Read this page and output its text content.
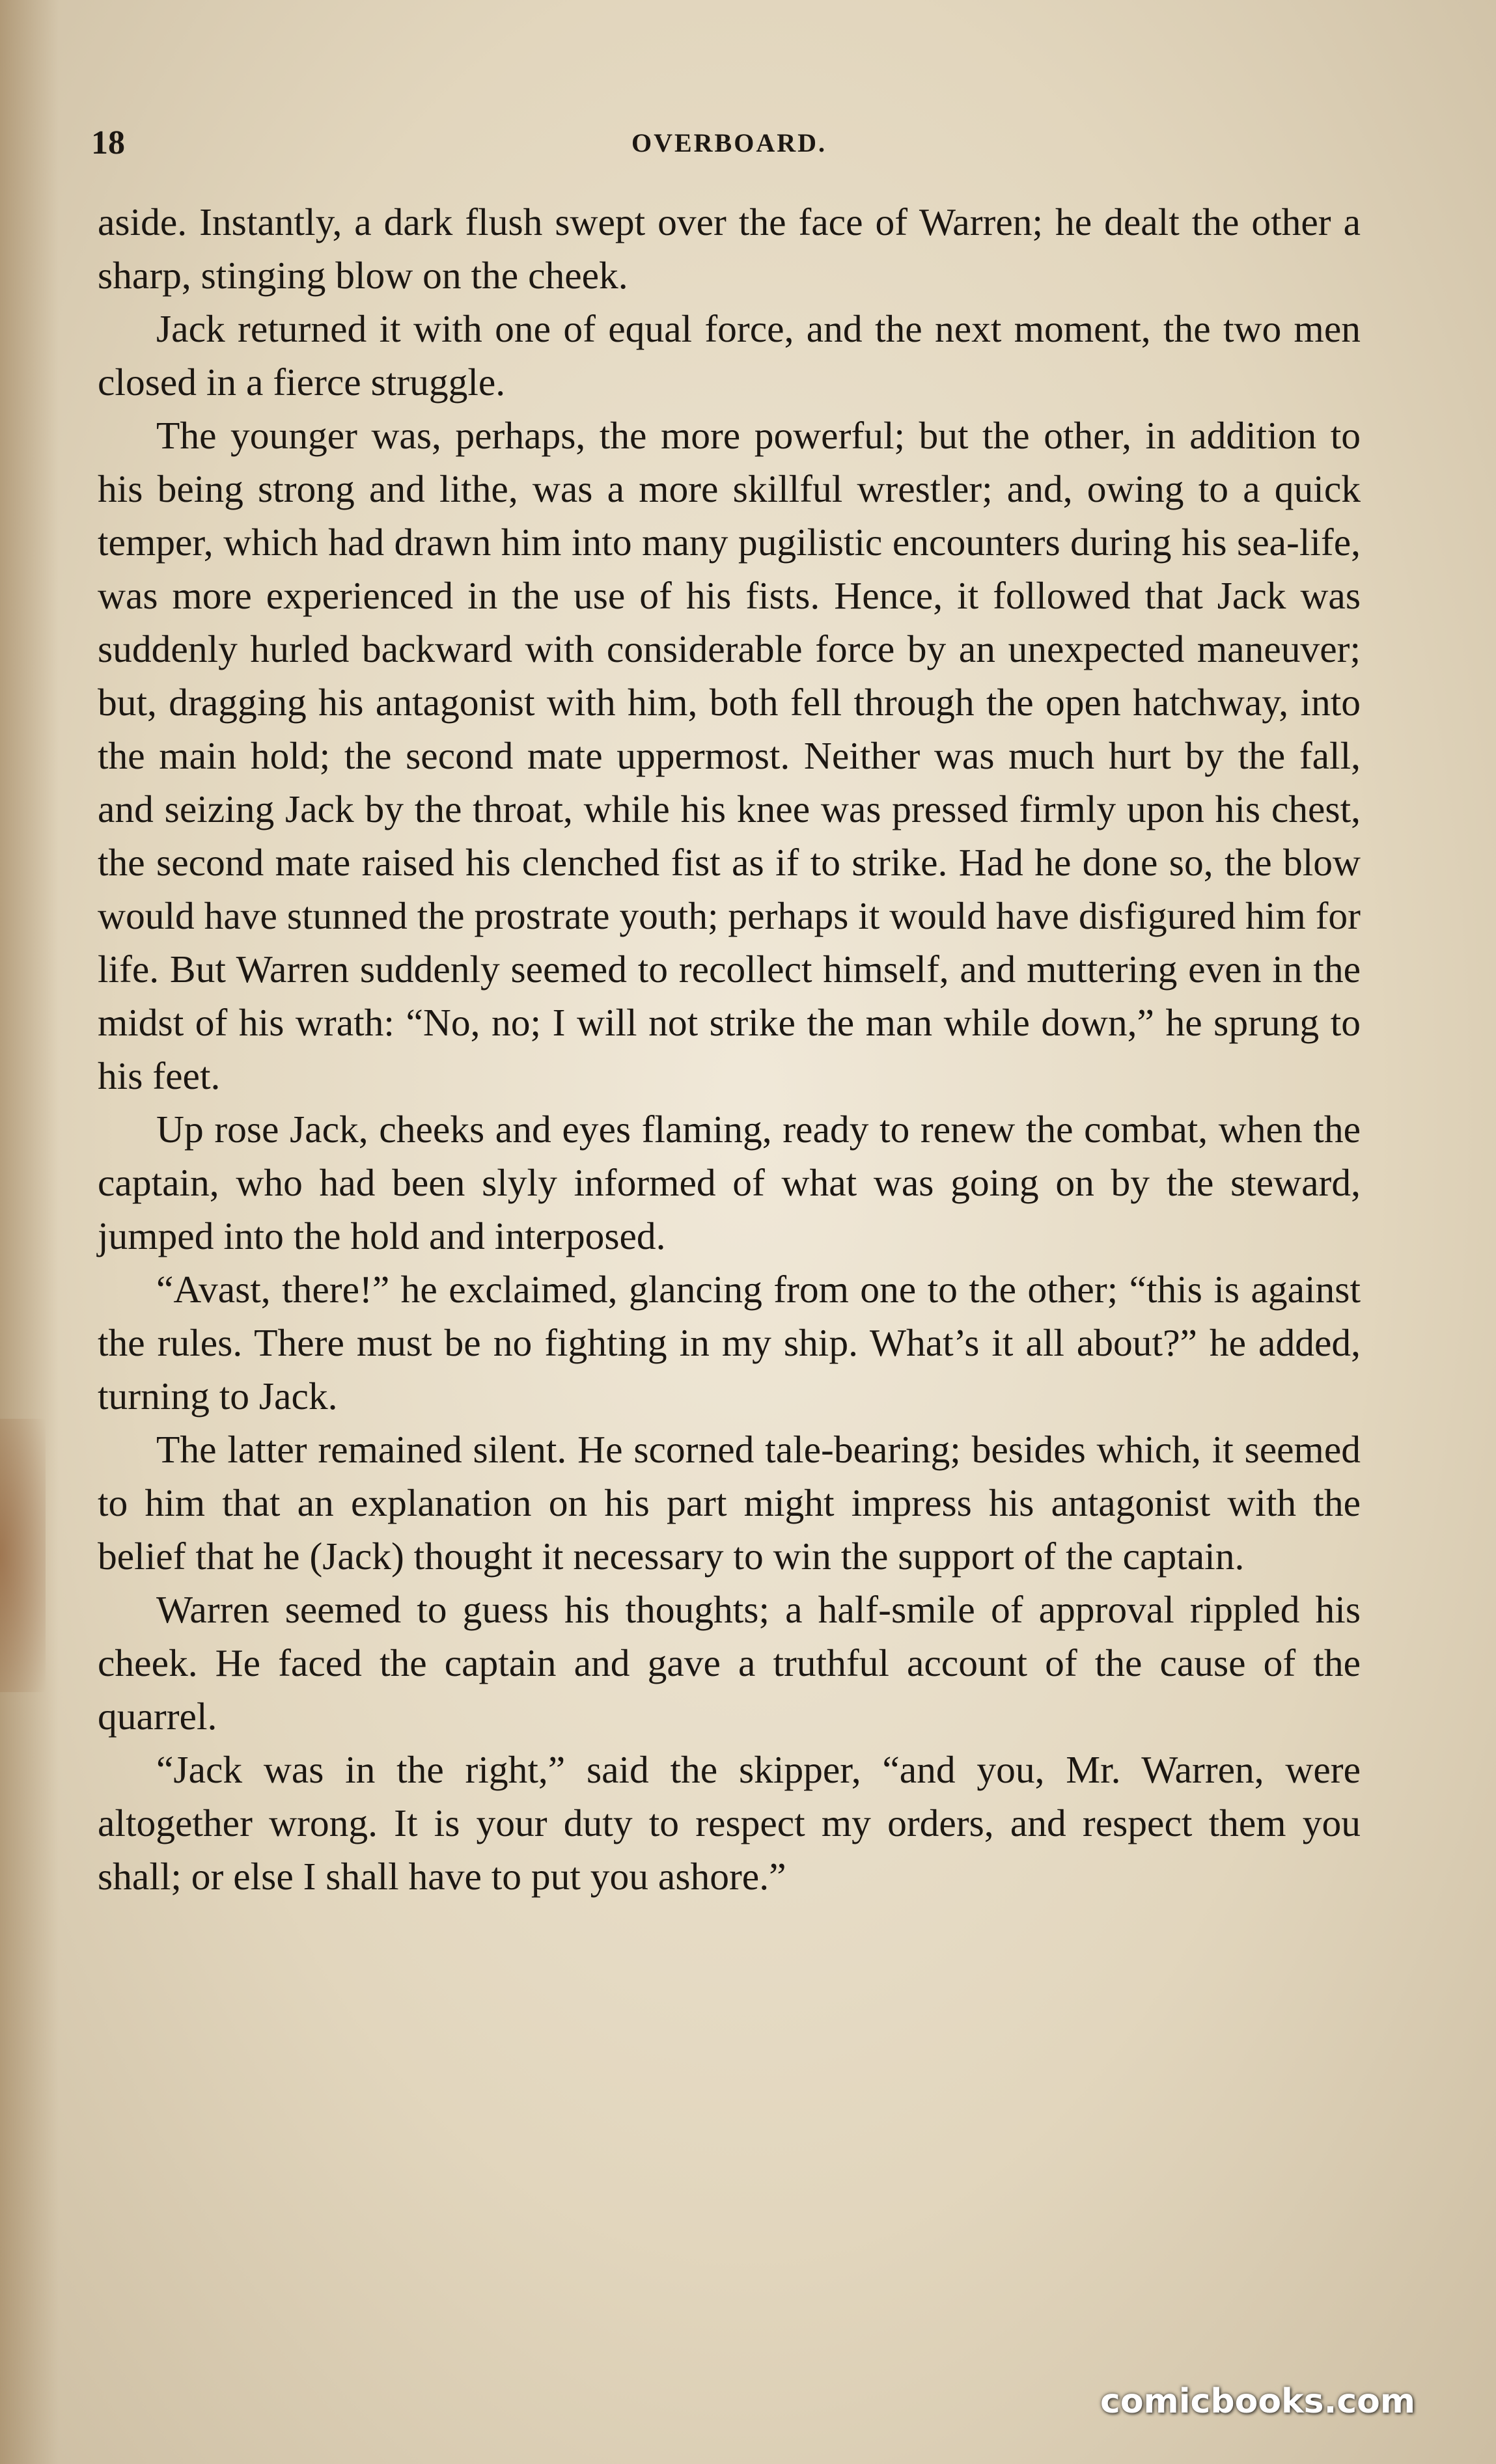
18	OVERBOARD.

aside. Instantly, a dark flush swept over the face of Warren; he dealt the other a sharp, stinging blow on the cheek.

Jack returned it with one of equal force, and the next moment, the two men closed in a fierce struggle.

The younger was, perhaps, the more powerful; but the other, in addition to his being strong and lithe, was a more skillful wrestler; and, owing to a quick temper, which had drawn him into many pugilistic encounters during his sea-life, was more experienced in the use of his fists. Hence, it followed that Jack was suddenly hurled backward with considerable force by an unexpected maneuver; but, dragging his antagonist with him, both fell through the open hatchway, into the main hold; the second mate uppermost. Neither was much hurt by the fall, and seizing Jack by the throat, while his knee was pressed firmly upon his chest, the second mate raised his clenched fist as if to strike. Had he done so, the blow would have stunned the prostrate youth; perhaps it would have disfigured him for life. But Warren suddenly seemed to recollect himself, and muttering even in the midst of his wrath: “No, no; I will not strike the man while down,” he sprung to his feet.

Up rose Jack, cheeks and eyes flaming, ready to renew the combat, when the captain, who had been slyly informed of what was going on by the steward, jumped into the hold and interposed.

“Avast, there!” he exclaimed, glancing from one to the other; “this is against the rules. There must be no fighting in my ship. What’s it all about?” he added, turning to Jack.

The latter remained silent. He scorned tale-bearing; besides which, it seemed to him that an explanation on his part might impress his antagonist with the belief that he (Jack) thought it necessary to win the support of the captain.

Warren seemed to guess his thoughts; a half-smile of approval rippled his cheek. He faced the captain and gave a truthful account of the cause of the quarrel.

“Jack was in the right,” said the skipper, “and you, Mr. Warren, were altogether wrong. It is your duty to respect my orders, and respect them you shall; or else I shall have to put you ashore.”

comicbooks.com
